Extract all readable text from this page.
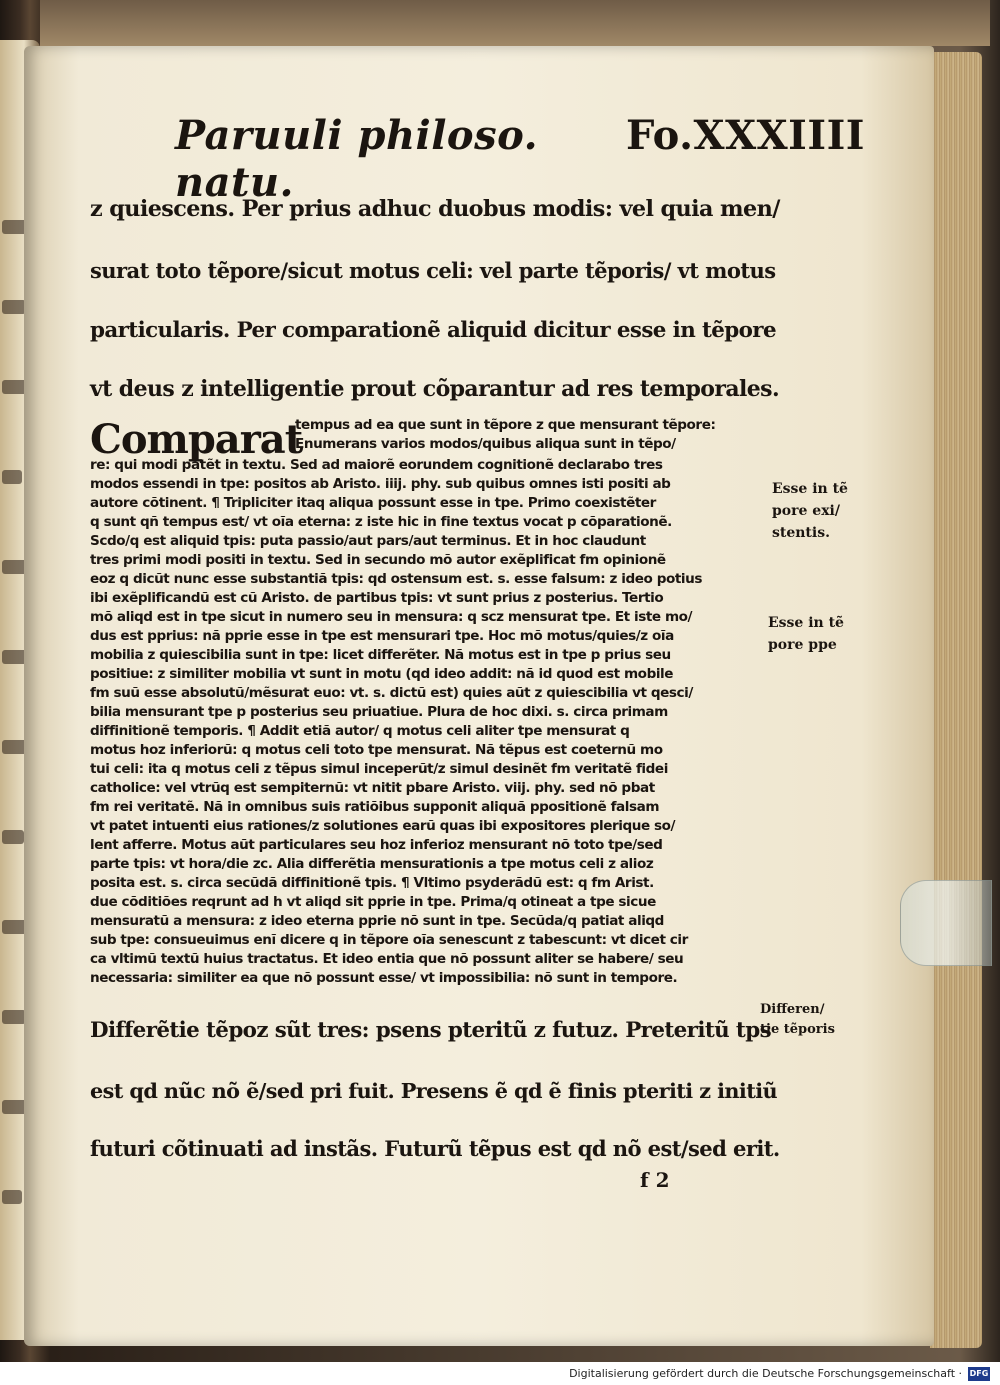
Paruuli philoso. natu.
Fo.XXXIIII
z quiescens. Per prius adhuc duobus modis: vel quia men/
surat toto tẽpore/sicut motus celi: vel parte tẽporis/ vt motus
particularis. Per comparationẽ aliquid dicitur esse in tẽpore
vt deus z intelligentie prout cõparantur ad res temporales.
Comparat
tempus ad ea que sunt in tẽpore z que mensurant tẽpore:
Enumerans varios modos/quibus aliqua sunt in tẽpo/
re: qui modi patẽt in textu. Sed ad maiorẽ eorundem cognitionẽ declarabo tres
modos essendi in tpe: positos ab Aristo. iiij. phy. sub quibus omnes isti positi ab
autore cõtinent. ¶ Tripliciter itaq aliqua possunt esse in tpe. Primo coexistẽter
q sunt qñ tempus est/ vt oĩa eterna: z iste hic in fine textus vocat p cõparationẽ.
Scdo/q est aliquid tpis: puta passio/aut pars/aut terminus. Et in hoc claudunt
tres primi modi positi in textu. Sed in secundo mõ autor exẽplificat fm opinionẽ
eoz q dicũt nunc esse substantiã tpis: qd ostensum est. s. esse falsum: z ideo potius
ibi exẽplificandũ est cũ Aristo. de partibus tpis: vt sunt prius z posterius. Tertio
mõ aliqd est in tpe sicut in numero seu in mensura: q scz mensurat tpe. Et iste mo/
dus est pprius: nã pprie esse in tpe est mensurari tpe. Hoc mõ motus/quies/z oĩa
mobilia z quiescibilia sunt in tpe: licet differẽter. Nã motus est in tpe p prius seu
positiue: z similiter mobilia vt sunt in motu (qd ideo addit: nã id quod est mobile
fm suũ esse absolutũ/mẽsurat euo: vt. s. dictũ est) quies aũt z quiescibilia vt qesci/
bilia mensurant tpe p posterius seu priuatiue. Plura de hoc dixi. s. circa primam
diffinitionẽ temporis. ¶ Addit etiã autor/ q motus celi aliter tpe mensurat q
motus hoz inferiorũ: q motus celi toto tpe mensurat. Nã tẽpus est coeternũ mo
tui celi: ita q motus celi z tẽpus simul inceperũt/z simul desinẽt fm veritatẽ fidei
catholice: vel vtrũq est sempiternũ: vt nitit pbare Aristo. viij. phy. sed nõ pbat
fm rei veritatẽ. Nã in omnibus suis ratiõibus supponit aliquã ppositionẽ falsam
vt patet intuenti eius rationes/z solutiones earũ quas ibi expositores plerique so/
lent afferre. Motus aũt particulares seu hoz inferioz mensurant nõ toto tpe/sed
parte tpis: vt hora/die zc. Alia differẽtia mensurationis a tpe motus celi z alioz
posita est. s. circa secũdã diffinitionẽ tpis. ¶ Vltimo psyderãdũ est: q fm Arist.
due cõditiões reqrunt ad h vt aliqd sit pprie in tpe. Prima/q otineat a tpe sicue
mensuratũ a mensura: z ideo eterna pprie nõ sunt in tpe. Secũda/q patiat aliqd
sub tpe: consueuimus enĩ dicere q in tẽpore oĩa senescunt z tabescunt: vt dicet cir
ca vltimũ textũ huius tractatus. Et ideo entia que nõ possunt aliter se habere/ seu
necessaria: similiter ea que nõ possunt esse/ vt impossibilia: nõ sunt in tempore.
Esse in tẽ
pore exi/
stentis.
Esse in tẽ
pore ppe
Differẽtie tẽpoz sũt tres: psens pteritũ z futuz. Preteritũ tps
est qd nũc nõ ẽ/sed pri fuit. Presens ẽ qd ẽ finis pteriti z initiũ
futuri cõtinuati ad instãs. Futurũ tẽpus est qd nõ est/sed erit.
Differen/
tie tẽporis
f 2
Digitalisierung gefördert durch die Deutsche Forschungsgemeinschaft · DFG
